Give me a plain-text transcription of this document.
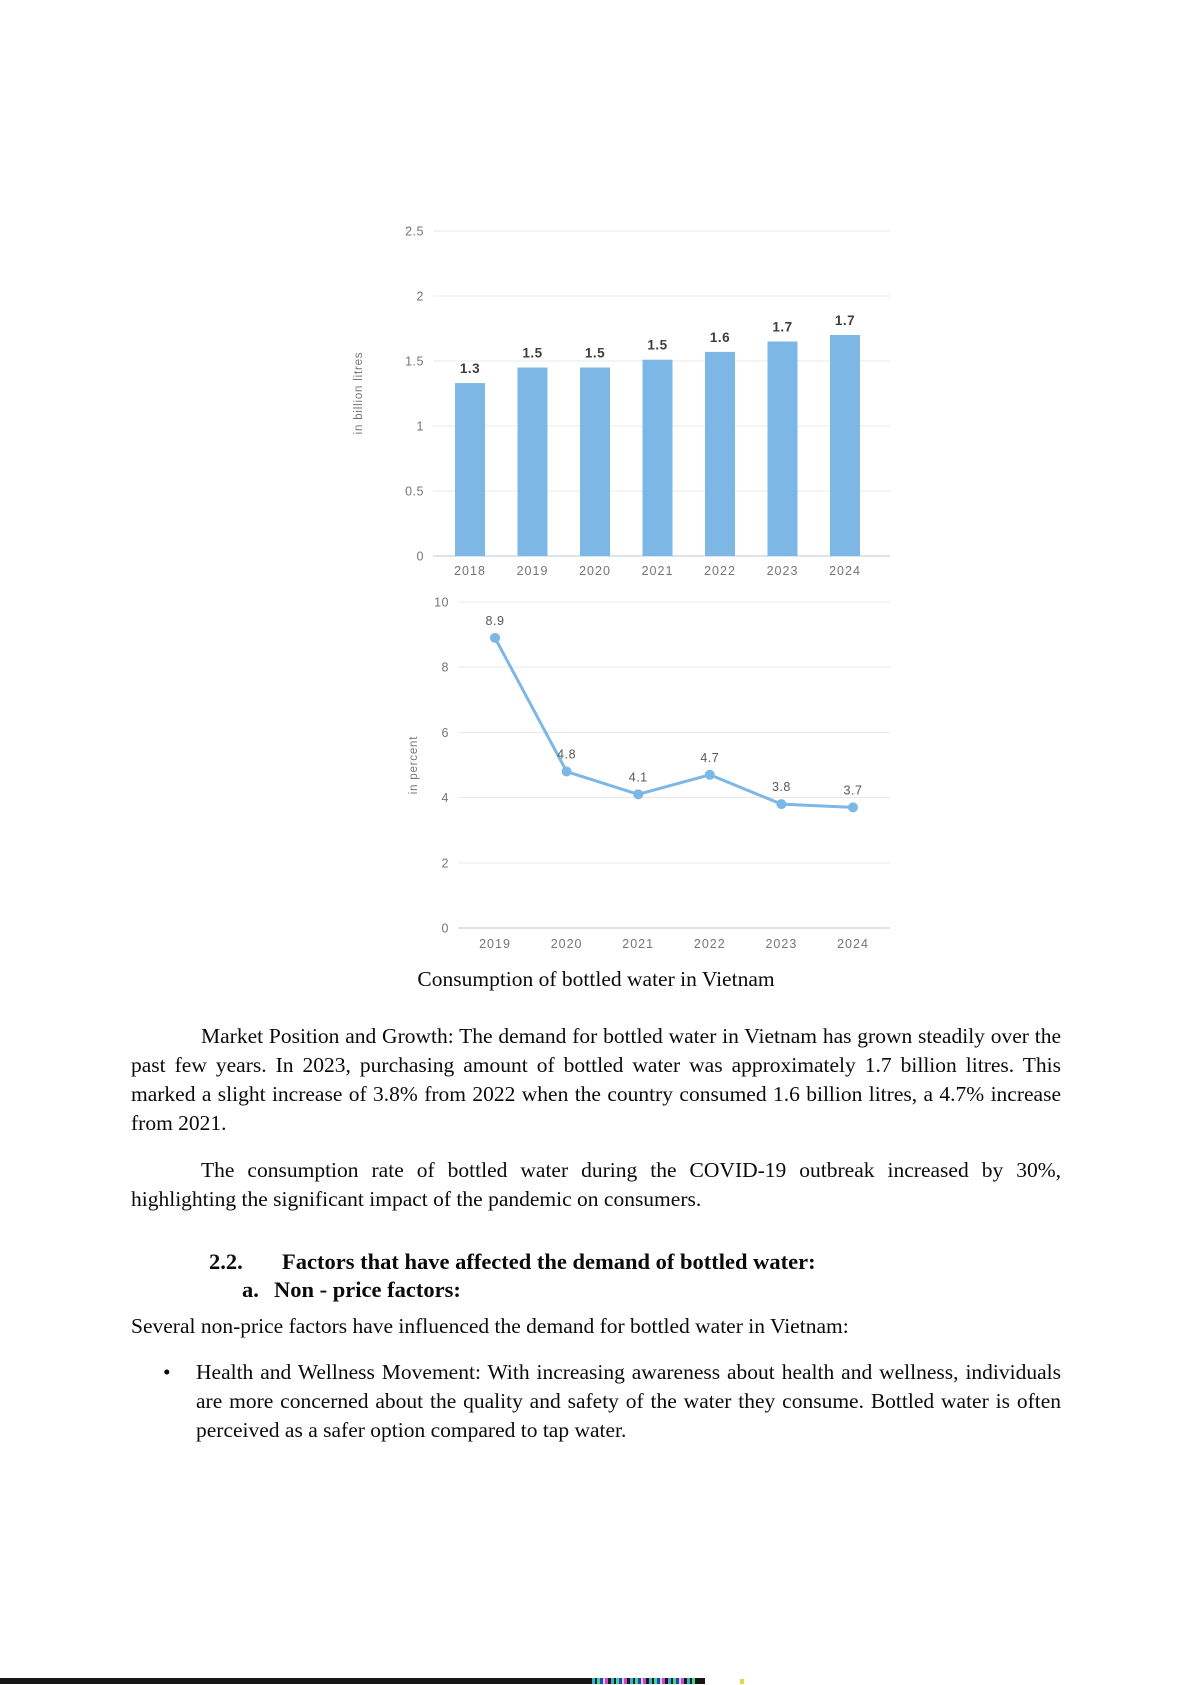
0
0.5
1
1.5
2
2.5
in billion litres	1.3
2018
1.5
2019
1.5
2020
1.5
2021
1.6
2022
1.7
2023
1.7
2024
0
2
4
6
8
10
in percent
8.9
2019
4.8
2020
4.1
2021
4.7
2022
3.8
2023
3.7
2024
Consumption of bottled water in Vietnam
Market Position and Growth: The demand for bottled water in Vietnam has grown steadily over the past few years. In 2023, purchasing amount of bottled water was approximately 1.7 billion litres. This marked a slight increase of 3.8% from 2022 when the country consumed 1.6 billion litres, a 4.7% increase from 2021.
The consumption rate of bottled water during the COVID-19 outbreak increased by 30%, highlighting the significant impact of the pandemic on consumers.
2.2.	Factors that have affected the demand of bottled water:
a. Non - price factors:
Several non-price factors have influenced the demand for bottled water in Vietnam:
• Health and Wellness Movement: With increasing awareness about health and wellness, individuals are more concerned about the quality and safety of the water they consume. Bottled water is often perceived as a safer option compared to tap water.
